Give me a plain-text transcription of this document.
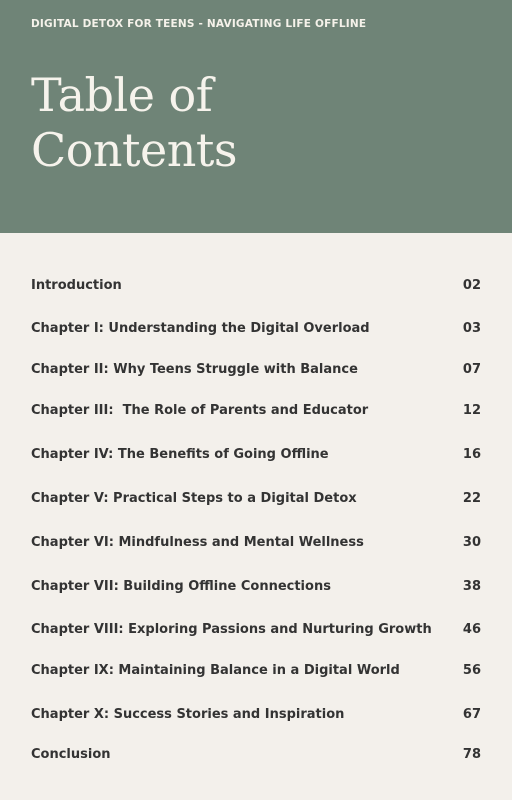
DIGITAL DETOX FOR TEENS - NAVIGATING LIFE OFFLINE
Table of
Contents
Introduction	02
Chapter I: Understanding the Digital Overload	03
Chapter II: Why Teens Struggle with Balance	07
Chapter III:  The Role of Parents and Educator	12
Chapter IV: The Benefits of Going Offline	16
Chapter V: Practical Steps to a Digital Detox	22
Chapter VI: Mindfulness and Mental Wellness	30
Chapter VII: Building Offline Connections	38
Chapter VIII: Exploring Passions and Nurturing Growth 46
Chapter IX: Maintaining Balance in a Digital World	56
Chapter X: Success Stories and Inspiration	67
Conclusion	78
